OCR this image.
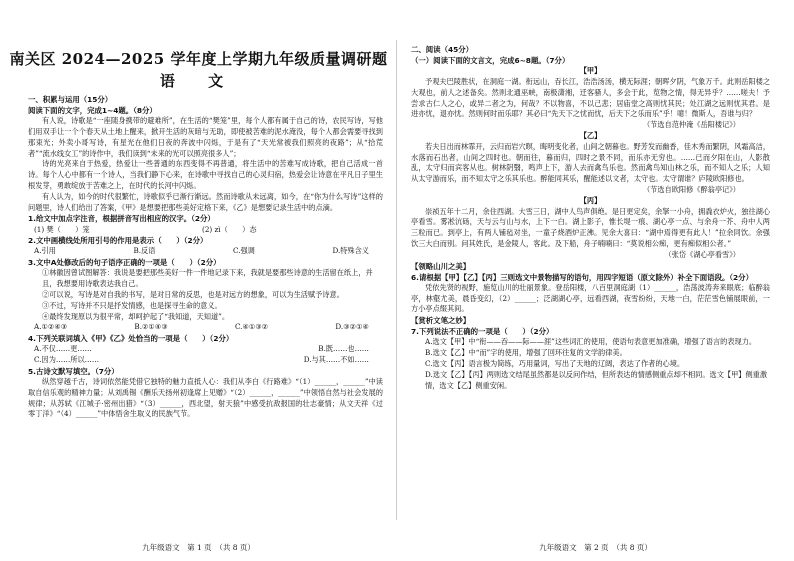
南关区 2024—2025 学年度上学期九年级质量调研题
语 文
一、积累与运用（15分）
阅读下面的文字，完成1~4题。（8分）

有人说，诗歌是“一座随身携带的避难所”，在生活的“樊笼”里，每个人都有属于自己的诗，农民写诗，写他们用双手让一个个春天从土地上醒来，掀开生活的灰暗与无助，即使被苦难的泥水淹没，每个人都会需要寻找到那束光；外卖小哥写诗，有星光在他们日夜的奔波中闪烁，于是有了“天光常被我们照亮的夜路”；从“拾荒者”“流水线女工”的诗作中，我们读到“未来的光可以照亮很多人”；

诗的光亮来自于热爱，热爱让一些普通的东西变得不再普通，将生活中的苦难写成诗歌，把自己活成一首诗。每个人心中都有一个诗人，当我们静下心来，在诗歌中寻找自己的心灵归宿，热爱会让诗意在平凡日子里生根发芽，勇敢绽放于苦难之上，在时代的长河中闪烁。

有人认为，如今的时代很繁忙，诗歌似乎已渐行渐远。然而诗歌从未远离，如今，在“你为什么写诗”这样的问题里，诗人们给出了答案，《甲》是想要把那些美好定格下来，《乙》是想要记录生活中的点滴。

1.给文中加点字注音，根据拼音写出相应的汉字。（2分）
(1) 樊（　　）笼	(2) zì（　　）态
2.文中画横线处所用引号的作用是表示（　　）（2分）
A.引用	B.反语	C.强调	D.特殊含义
3.文中A处修改后的句子语序正确的一项是（　　）（2分）

①林徽因曾试图解答：我说是要把那些美好一件一件地记录下来，我就是要那些诗意的生活留在纸上，并且，我想要用诗歌表达我自己。

②可以说，写诗是对自我的书写，是对日常的反思，也是对远方的想象，可以为生活赋予诗意。

③不过，写诗并不只是抒发情感，也是探寻生命的意义。

④最终发现原以为很平常，却呵护起了“我知道，天知道”。

A.①②④③	B.②①④③	C.④①③②	D.③②①④
4.下列关联词填入《甲》《乙》处恰当的一项是（　　）（2分）
A.不仅……更……	B.既……也……
C.因为……所以……	D.与其……不如……
5.古诗文默写填空。（7分）

纵然穿越千古，诗词依然能凭借它独特的魅力直抵人心：我们从李白《行路难》“（1）______，______”中读取自信乐观的精神力量；从刘禹锡《酬乐天扬州初逢席上见赠》“（2）______，______”中领悟自然与社会发展的规律；从苏轼《江城子·密州出猎》“（3）______，西北望，射天狼”中感受抗敌报国的壮志豪情；从文天祥《过零丁洋》“（4）______”中体悟舍生取义的民族气节。

九年级语文　第 1 页　（共 8 页）
二、阅读（45分）
（一）阅读下面的文言文，完成6~8题。（7分）
【甲】

予观夫巴陵胜状，在洞庭一湖。衔远山，吞长江，浩浩汤汤，横无际涯；朝晖夕阴，气象万千。此则岳阳楼之大观也，前人之述备矣。然则北通巫峡，南极潇湘，迁客骚人，多会于此，览物之情，得无异乎？……嗟夫！予尝求古仁人之心，或异二者之为，何哉？不以物喜，不以己悲；居庙堂之高则忧其民；处江湖之远则忧其君。是进亦忧，退亦忧。然则何时而乐耶？其必曰“先天下之忧而忧，后天下之乐而乐”乎！噫！微斯人，吾谁与归？

（节选自范仲淹《岳阳楼记》）
【乙】

若夫日出而林霏开，云归而岩穴暝，晦明变化者，山间之朝暮也。野芳发而幽香，佳木秀而繁阴，风霜高洁，水落而石出者，山间之四时也。朝而往，暮而归，四时之景不同，而乐亦无穷也。……已而夕阳在山，人影散乱，太守归而宾客从也。树林阴翳，鸣声上下，游人去而禽鸟乐也。然而禽鸟知山林之乐，而不知人之乐；人知从太守游而乐，而不知太守之乐其乐也。醉能同其乐，醒能述以文者，太守也。太守谓谁？庐陵欧阳修也。

（节选自欧阳修《醉翁亭记》）
【丙】

崇祯五年十二月，余住西湖。大雪三日，湖中人鸟声俱绝。是日更定矣，余拏一小舟，拥毳衣炉火，独往湖心亭看雪。雾凇沆砀，天与云与山与水，上下一白。湖上影子，惟长堤一痕、湖心亭一点、与余舟一芥、舟中人两三粒而已。到亭上，有两人铺毡对坐，一童子烧酒炉正沸。见余大喜曰：“湖中焉得更有此人！”拉余同饮。余强饮三大白而别。问其姓氏，是金陵人，客此。及下船，舟子喃喃曰：“莫说相公痴，更有痴似相公者。”

（张岱《湖心亭看雪》）
【领略山川之美】
6.请根据【甲】【乙】【丙】三则选文中景物描写的语句，用四字短语（原文除外）补全下面语段。（2分）

凭依先贤的视野，施览山川的壮丽景象。登岳阳楼，八百里洞庭湖（1）______，浩荡波涛奔来眼底；临醉翁亭，林壑尤美，晨昏变幻，（2）______；泛湖湖心亭，远看西湖，夜雪纷纷，天地一白，茫茫雪色铺展眼前，一方小亭点缀其间。

【赏析文笔之妙】
7.下列说法不正确的一项是（　　）（2分）

A.选文【甲】中“衔——吞——际——涯”这些词汇的使用，使语句表意更加准确，增强了语言的表现力。

B.选文【乙】中“而”字的使用，增强了回环往复的文学韵律美。

C.选文【丙】语言极为简练，巧用量词，写出了天地的辽阔，表达了作者的心境。

D.选文【乙】【丙】两则选文结尾虽然都是以反问作结，但所表达的情感侧重点却不相同。选文【甲】侧重激情，选文【乙】侧重安闲。

九年级语文　第 2 页　（共 8 页）
